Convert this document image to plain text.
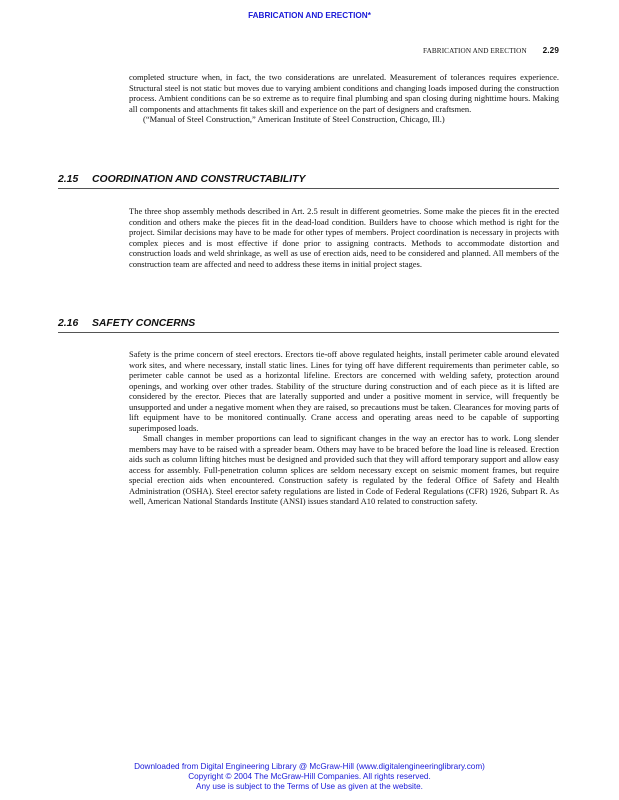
FABRICATION AND ERECTION*
FABRICATION AND ERECTION 2.29

completed structure when, in fact, the two considerations are unrelated. Measurement of tolerances requires experience. Structural steel is not static but moves due to varying ambient conditions and changing loads imposed during the construction process. Ambient conditions can be so extreme as to require final plumbing and span closing during nighttime hours. Making all components and attachments fit takes skill and experience on the part of designers and craftsmen.

(“Manual of Steel Construction,” American Institute of Steel Construction, Chicago, Ill.)

2.15 COORDINATION AND CONSTRUCTABILITY

The three shop assembly methods described in Art. 2.5 result in different geometries. Some make the pieces fit in the erected condition and others make the pieces fit in the dead-load condition. Builders have to choose which method is right for the project. Similar decisions may have to be made for other types of members. Project coordination is necessary in projects with complex pieces and is most effective if done prior to assigning contracts. Methods to accommodate distortion and construction loads and weld shrinkage, as well as use of erection aids, need to be considered and planned. All members of the construction team are affected and need to address these items in initial project stages.

2.16 SAFETY CONCERNS

Safety is the prime concern of steel erectors. Erectors tie-off above regulated heights, install perimeter cable around elevated work sites, and where necessary, install static lines. Lines for tying off have different requirements than perimeter cable, so perimeter cable cannot be used as a horizontal lifeline. Erectors are concerned with welding safety, protection around openings, and working over other trades. Stability of the structure during construction and of each piece as it is lifted are considered by the erector. Pieces that are laterally supported and under a positive moment in service, will frequently be unsupported and under a negative moment when they are raised, so precautions must be taken. Clearances for moving parts of lift equipment have to be monitored continually. Crane access and operating areas need to be capable of supporting superimposed loads.

Small changes in member proportions can lead to significant changes in the way an erector has to work. Long slender members may have to be raised with a spreader beam. Others may have to be braced before the load line is released. Erection aids such as column lifting hitches must be designed and provided such that they will afford temporary support and allow easy access for assembly. Full-penetration column splices are seldom necessary except on seismic moment frames, but require special erection aids when encountered. Construction safety is regulated by the federal Office of Safety and Health Administration (OSHA). Steel erector safety regulations are listed in Code of Federal Regulations (CFR) 1926, Subpart R. As well, American National Standards Institute (ANSI) issues standard A10 related to construction safety.

Downloaded from Digital Engineering Library @ McGraw-Hill (www.digitalengineeringlibrary.com)
Copyright © 2004 The McGraw-Hill Companies. All rights reserved.
Any use is subject to the Terms of Use as given at the website.
